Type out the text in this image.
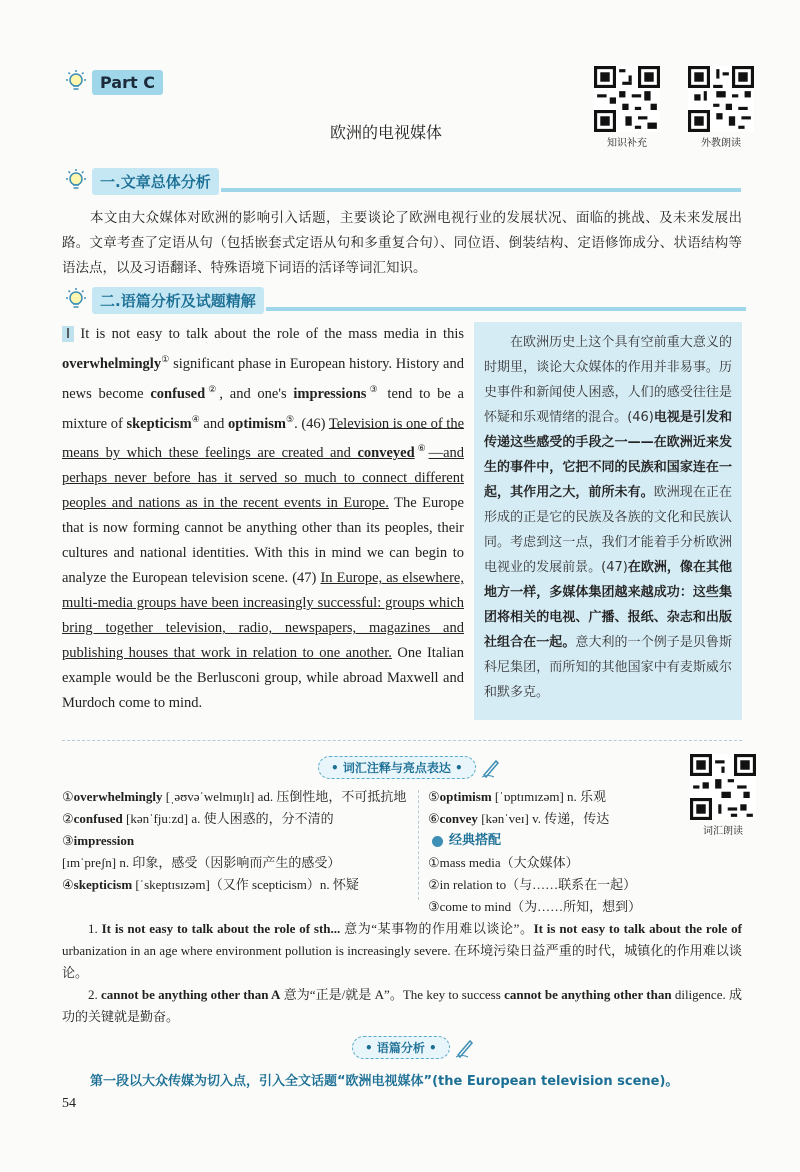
Part C
欧洲的电视媒体
知识补充	外教朗读
一.文章总体分析
本文由大众媒体对欧洲的影响引入话题，主要谈论了欧洲电视行业的发展状况、面临的挑战、及未来发展出路。文章考查了定语从句（包括嵌套式定语从句和多重复合句）、同位语、倒装结构、定语修饰成分、状语结构等语法点，以及习语翻译、特殊语境下词语的活译等词汇知识。
二.语篇分析及试题精解
I It is not easy to talk about the role of the mass media in this overwhelmingly① significant phase in European history. History and news become confused②, and one's impressions③ tend to be a mixture of skepticism④ and optimism⑤. (46) Television is one of the means by which these feelings are created and conveyed⑥—and perhaps never before has it served so much to connect different peoples and nations as in the recent events in Europe. The Europe that is now forming cannot be anything other than its peoples, their cultures and national identities. With this in mind we can begin to analyze the European television scene. (47) In Europe, as elsewhere, multi-media groups have been increasingly successful: groups which bring together television, radio, newspapers, magazines and publishing houses that work in relation to one another. One Italian example would be the Berlusconi group, while abroad Maxwell and Murdoch come to mind.
在欧洲历史上这个具有空前重大意义的时期里，谈论大众媒体的作用并非易事。历史事件和新闻使人困惑，人们的感受往往是怀疑和乐观情绪的混合。(46)电视是引发和传递这些感受的手段之一——在欧洲近来发生的事件中，它把不同的民族和国家连在一起，其作用之大，前所未有。欧洲现在正在形成的正是它的民族及各族的文化和民族认同。考虑到这一点，我们才能着手分析欧洲电视业的发展前景。(47)在欧洲，像在其他地方一样，多媒体集团越来越成功：这些集团将相关的电视、广播、报纸、杂志和出版社组合在一起。意大利的一个例子是贝鲁斯科尼集团，而所知的其他国家中有麦斯威尔和默多克。
• 词汇注释与亮点表达 •
词汇朗读
①overwhelmingly [ˌəʊvəˈwelmɪŋlɪ] ad. 压倒性地，不可抵抗地
②confused [kənˈfjuːzd] a. 使人困惑的，分不清的
③impression [ɪmˈpreʃn] n. 印象，感受（因影响而产生的感受）
④skepticism [ˈskeptɪsɪzəm]（又作 scepticism）n. 怀疑
⑤optimism [ˈɒptɪmɪzəm] n. 乐观
⑥convey [kənˈveɪ] v. 传递，传达
经典搭配
①mass media（大众媒体）
②in relation to（与……联系在一起）
③come to mind（为……所知，想到）

1. It is not easy to talk about the role of sth... 意为“某事物的作用难以谈论”。It is not easy to talk about the role of urbanization in an age where environment pollution is increasingly severe. 在环境污染日益严重的时代，城镇化的作用难以谈论。

2. cannot be anything other than A 意为“正是/就是 A”。The key to success cannot be anything other than diligence. 成功的关键就是勤奋。

• 语篇分析 •
第一段以大众传媒为切入点，引入全文话题“欧洲电视媒体”(the European television scene)。
54
